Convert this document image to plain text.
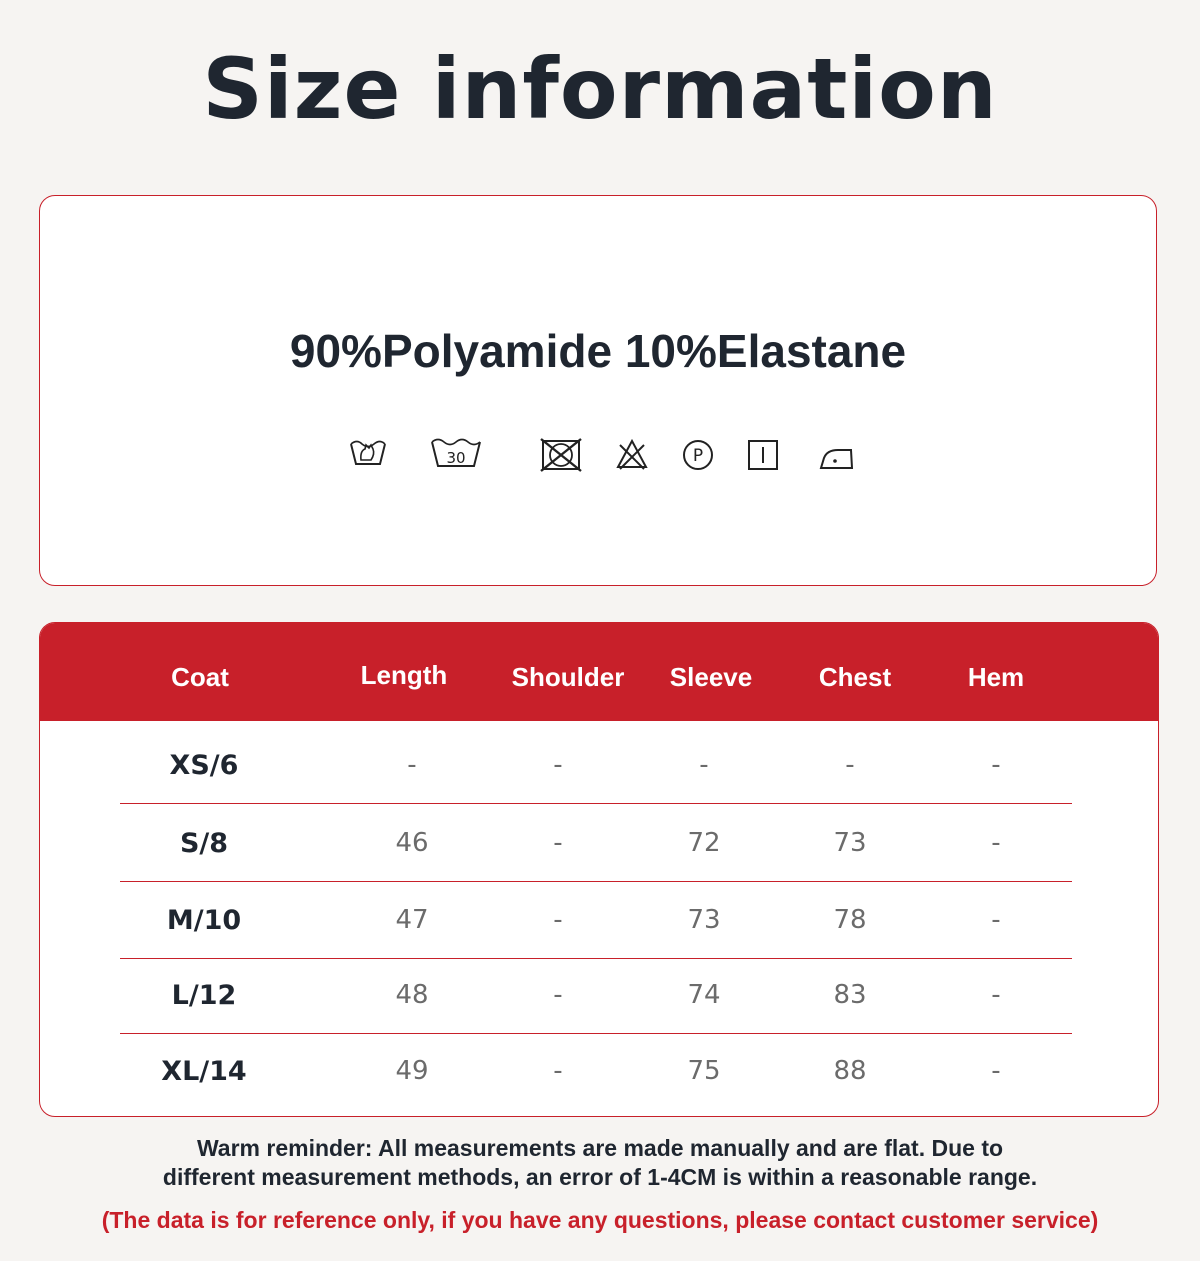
Size information
90%Polyamide 10%Elastane
30	P
Coat	Length	Shoulder	Sleeve	Chest	Hem
XS/6	-	-	-	-	-
S/8	46	-	72	73	-
M/10	47	-	73	78	-
L/12	48	-	74	83	-
XL/14	49	-	75	88	-
Warm reminder: All measurements are made manually and are flat. Due to
different measurement methods, an error of 1-4CM is within a reasonable range.
(The data is for reference only, if you have any questions, please contact customer service)
